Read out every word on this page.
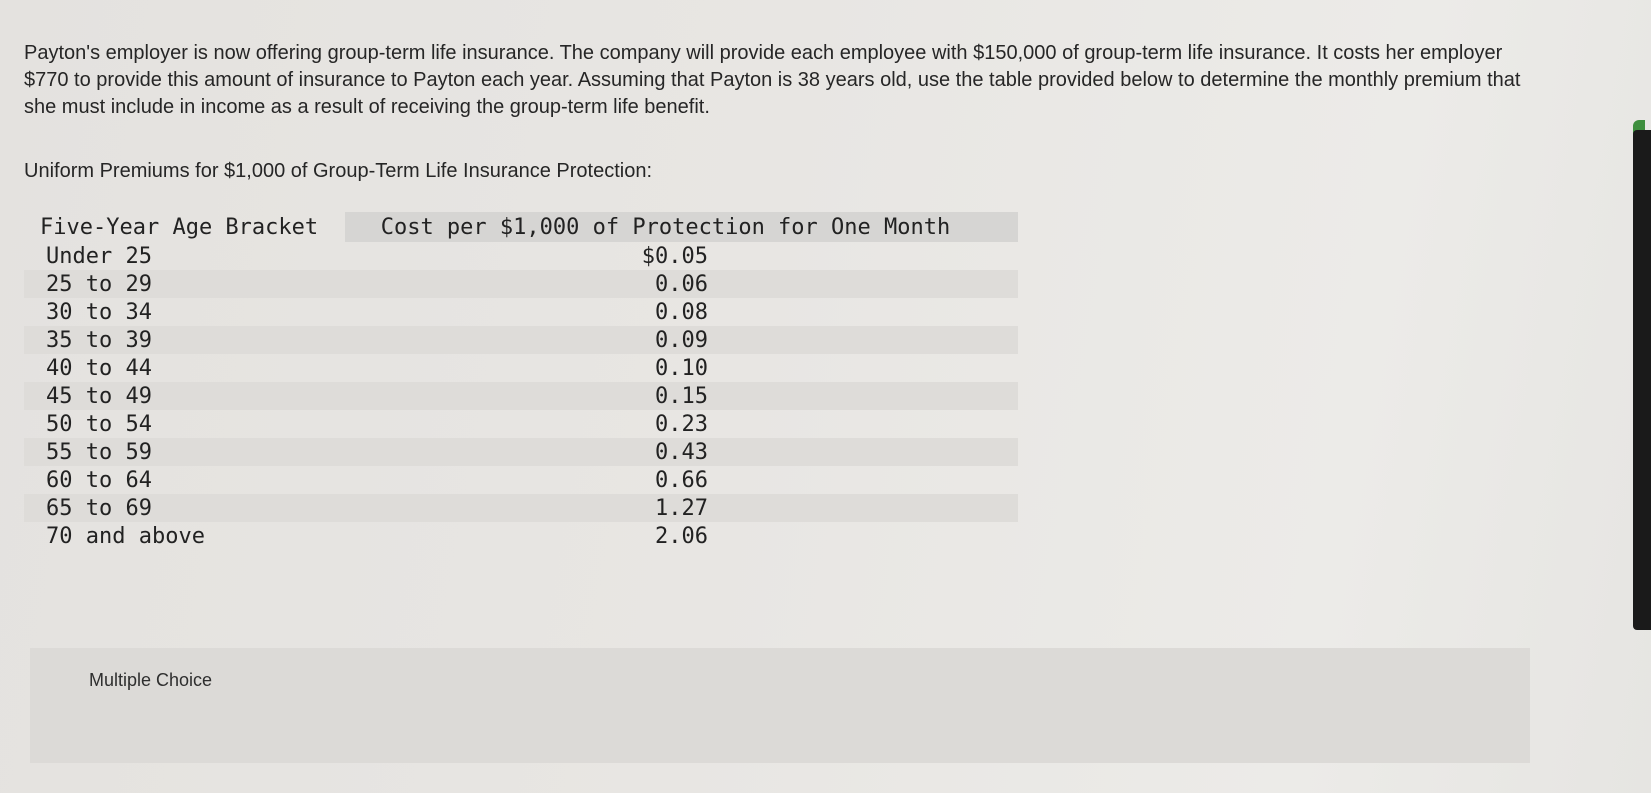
Payton's employer is now offering group-term life insurance. The company will provide each employee with $150,000 of group-term life insurance. It costs her employer $770 to provide this amount of insurance to Payton each year. Assuming that Payton is 38 years old, use the table provided below to determine the monthly premium that she must include in income as a result of receiving the group-term life benefit.

Uniform Premiums for $1,000 of Group-Term Life Insurance Protection:

Five-Year Age Bracket	Cost per $1,000 of Protection for One Month
Under 25	$0.05
25 to 29	0.06
30 to 34	0.08
35 to 39	0.09
40 to 44	0.10
45 to 49	0.15
50 to 54	0.23
55 to 59	0.43
60 to 64	0.66
65 to 69	1.27
70 and above	2.06
Multiple Choice
